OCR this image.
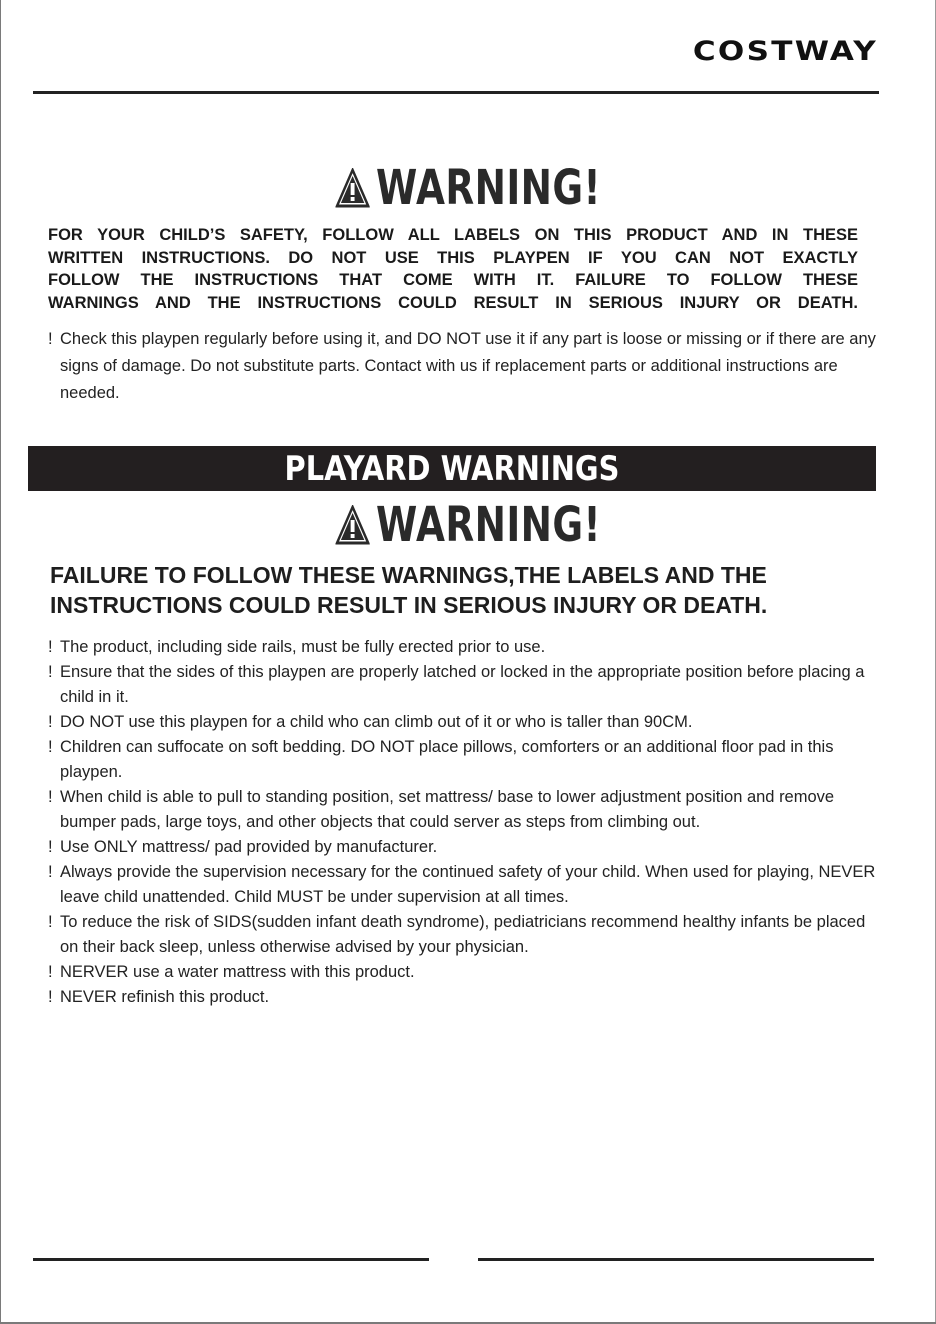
COSTWAY
WARNING!
FOR YOUR CHILD’S SAFETY, FOLLOW ALL LABELS ON THIS PRODUCT AND IN THESE
WRITTEN INSTRUCTIONS. DO NOT USE THIS PLAYPEN IF YOU CAN NOT EXACTLY
FOLLOW THE INSTRUCTIONS THAT COME WITH IT. FAILURE TO FOLLOW THESE
WARNINGS AND THE INSTRUCTIONS COULD RESULT IN SERIOUS INJURY OR DEATH.
! Check this playpen regularly before using it, and DO NOT use it if any part is loose or missing or if there are any signs of damage. Do not substitute parts. Contact with us if replacement parts or additional instructions are needed.
PLAYARD WARNINGS
WARNING!
FAILURE TO FOLLOW THESE WARNINGS,THE LABELS AND THE
INSTRUCTIONS COULD RESULT IN SERIOUS INJURY OR DEATH.
! The product, including side rails, must be fully erected prior to use.
! Ensure that the sides of this playpen are properly latched or locked in the appropriate position before placing a child in it.
! DO NOT use this playpen for a child who can climb out of it or who is taller than 90CM.
! Children can suffocate on soft bedding. DO NOT place pillows, comforters or an additional floor pad in this playpen.
! When child is able to pull to standing position, set mattress/ base to lower adjustment position and remove bumper pads, large toys, and other objects that could server as steps from climbing out.
! Use ONLY mattress/ pad provided by manufacturer.
! Always provide the supervision necessary for the continued safety of your child. When used for playing, NEVER leave child unattended. Child MUST be under supervision at all times.
! To reduce the risk of SIDS(sudden infant death syndrome), pediatricians recommend healthy infants be placed on their back sleep, unless otherwise advised by your physician.
! NERVER use a water mattress with this product.
! NEVER refinish this product.
